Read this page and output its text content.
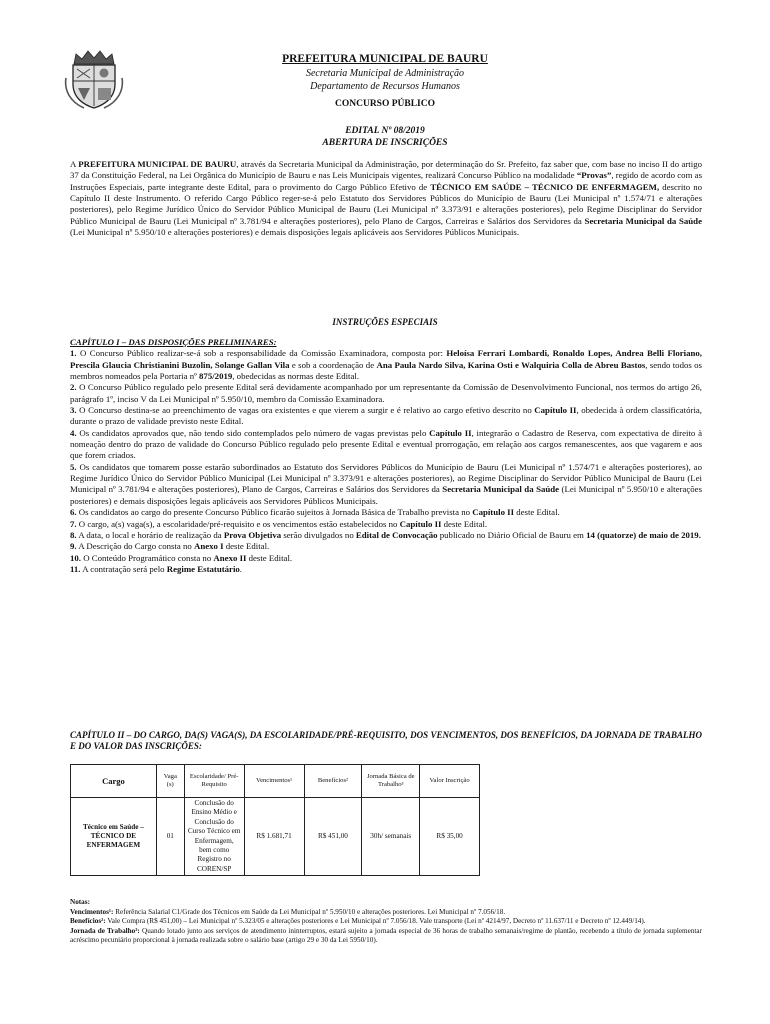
PREFEITURA MUNICIPAL DE BAURU
Secretaria Municipal de Administração
Departamento de Recursos Humanos
CONCURSO PÚBLICO
EDITAL Nº 08/2019
ABERTURA DE INSCRIÇÕES
A PREFEITURA MUNICIPAL DE BAURU, através da Secretaria Municipal da Administração, por determinação do Sr. Prefeito, faz saber que, com base no inciso II do artigo 37 da Constituição Federal, na Lei Orgânica do Município de Bauru e nas Leis Municipais vigentes, realizará Concurso Público na modalidade “Provas”, regido de acordo com as Instruções Especiais, parte integrante deste Edital, para o provimento do Cargo Público Efetivo de TÉCNICO EM SAÚDE – TÉCNICO DE ENFERMAGEM, descrito no Capítulo II deste Instrumento. O referido Cargo Público reger-se-á pelo Estatuto dos Servidores Públicos do Município de Bauru (Lei Municipal nº 1.574/71 e alterações posteriores), pelo Regime Jurídico Único do Servidor Público Municipal de Bauru (Lei Municipal nº 3.373/91 e alterações posteriores), pelo Regime Disciplinar do Servidor Público Municipal de Bauru (Lei Municipal nº 3.781/94 e alterações posteriores), pelo Plano de Cargos, Carreiras e Salários dos Servidores da Secretaria Municipal da Saúde (Lei Municipal nº 5.950/10 e alterações posteriores) e demais disposições legais aplicáveis aos Servidores Públicos Municipais.
INSTRUÇÕES ESPECIAIS

CAPÍTULO I – DAS DISPOSIÇÕES PRELIMINARES:

1. O Concurso Público realizar-se-á sob a responsabilidade da Comissão Examinadora, composta por: Heloísa Ferrari Lombardi, Ronaldo Lopes, Andrea Belli Floriano, Prescila Glaucia Christianini Buzolin, Solange Gallan Vila e sob a coordenação de Ana Paula Nardo Silva, Karina Osti e Walquiria Colla de Abreu Bastos, sendo todos os membros nomeados pela Portaria nº 875/2019, obedecidas as normas deste Edital.

2. O Concurso Público regulado pelo presente Edital será devidamente acompanhado por um representante da Comissão de Desenvolvimento Funcional, nos termos do artigo 26, parágrafo 1º, inciso V da Lei Municipal nº 5.950/10, membro da Comissão Examinadora.

3. O Concurso destina-se ao preenchimento de vagas ora existentes e que vierem a surgir e é relativo ao cargo efetivo descrito no Capítulo II, obedecida à ordem classificatória, durante o prazo de validade previsto neste Edital.

4. Os candidatos aprovados que, não tendo sido contemplados pelo número de vagas previstas pelo Capítulo II, integrarão o Cadastro de Reserva, com expectativa de direito à nomeação dentro do prazo de validade do Concurso Público regulado pelo presente Edital e eventual prorrogação, em relação aos cargos remanescentes, aos que vagarem e aos que forem criados.

5. Os candidatos que tomarem posse estarão subordinados ao Estatuto dos Servidores Públicos do Município de Bauru (Lei Municipal nº 1.574/71 e alterações posteriores), ao Regime Jurídico Único do Servidor Público Municipal (Lei Municipal nº 3.373/91 e alterações posteriores), ao Regime Disciplinar do Servidor Público Municipal de Bauru (Lei Municipal nº 3.781/94 e alterações posteriores), Plano de Cargos, Carreiras e Salários dos Servidores da Secretaria Municipal da Saúde (Lei Municipal nº 5.950/10 e alterações posteriores) e demais disposições legais aplicáveis aos Servidores Públicos Municipais.

6. Os candidatos ao cargo do presente Concurso Público ficarão sujeitos à Jornada Básica de Trabalho prevista no Capítulo II deste Edital.

7. O cargo, a(s) vaga(s), a escolaridade/pré-requisito e os vencimentos estão estabelecidos no Capítulo II deste Edital.

8. A data, o local e horário de realização da Prova Objetiva serão divulgados no Edital de Convocação publicado no Diário Oficial de Bauru em 14 (quatorze) de maio de 2019.

9. A Descrição do Cargo consta no Anexo I deste Edital.

10. O Conteúdo Programático consta no Anexo II deste Edital.

11. A contratação será pelo Regime Estatutário.

CAPÍTULO II – DO CARGO, DA(S) VAGA(S), DA ESCOLARIDADE/PRÉ-REQUISITO, DOS VENCIMENTOS, DOS BENEFÍCIOS, DA JORNADA DE TRABALHO E DO VALOR DAS INSCRIÇÕES:
Cargo	Vaga (s)	Escolaridade/ Pré-Requisito	Vencimentos¹	Benefícios²	Jornada Básica de Trabalho³	Valor Inscrição
Técnico em Saúde – TÉCNICO DE ENFERMAGEM	01	Conclusão do Ensino Médio e Conclusão do Curso Técnico em Enfermagem, bem como Registro no COREN/SP	R$ 1.681,71	R$ 451,00	30h/ semanais	R$ 35,00

Notas:

Vencimentos¹: Referência Salarial C1/Grade dos Técnicos em Saúde da Lei Municipal nº 5.950/10 e alterações posteriores. Lei Municipal nº 7.056/18.

Benefícios²: Vale Compra (R$ 451,00) – Lei Municipal nº 5.323/05 e alterações posteriores e Lei Municipal nº 7.056/18. Vale transporte (Lei nº 4214/97, Decreto nº 11.637/11 e Decreto nº 12.449/14).

Jornada de Trabalho³: Quando lotado junto aos serviços de atendimento ininterruptos, estará sujeito a jornada especial de 36 horas de trabalho semanais/regime de plantão, recebendo a título de jornada suplementar acréscimo pecuniário proporcional à jornada realizada sobre o salário base (artigo 29 e 30 da Lei 5950/10).
